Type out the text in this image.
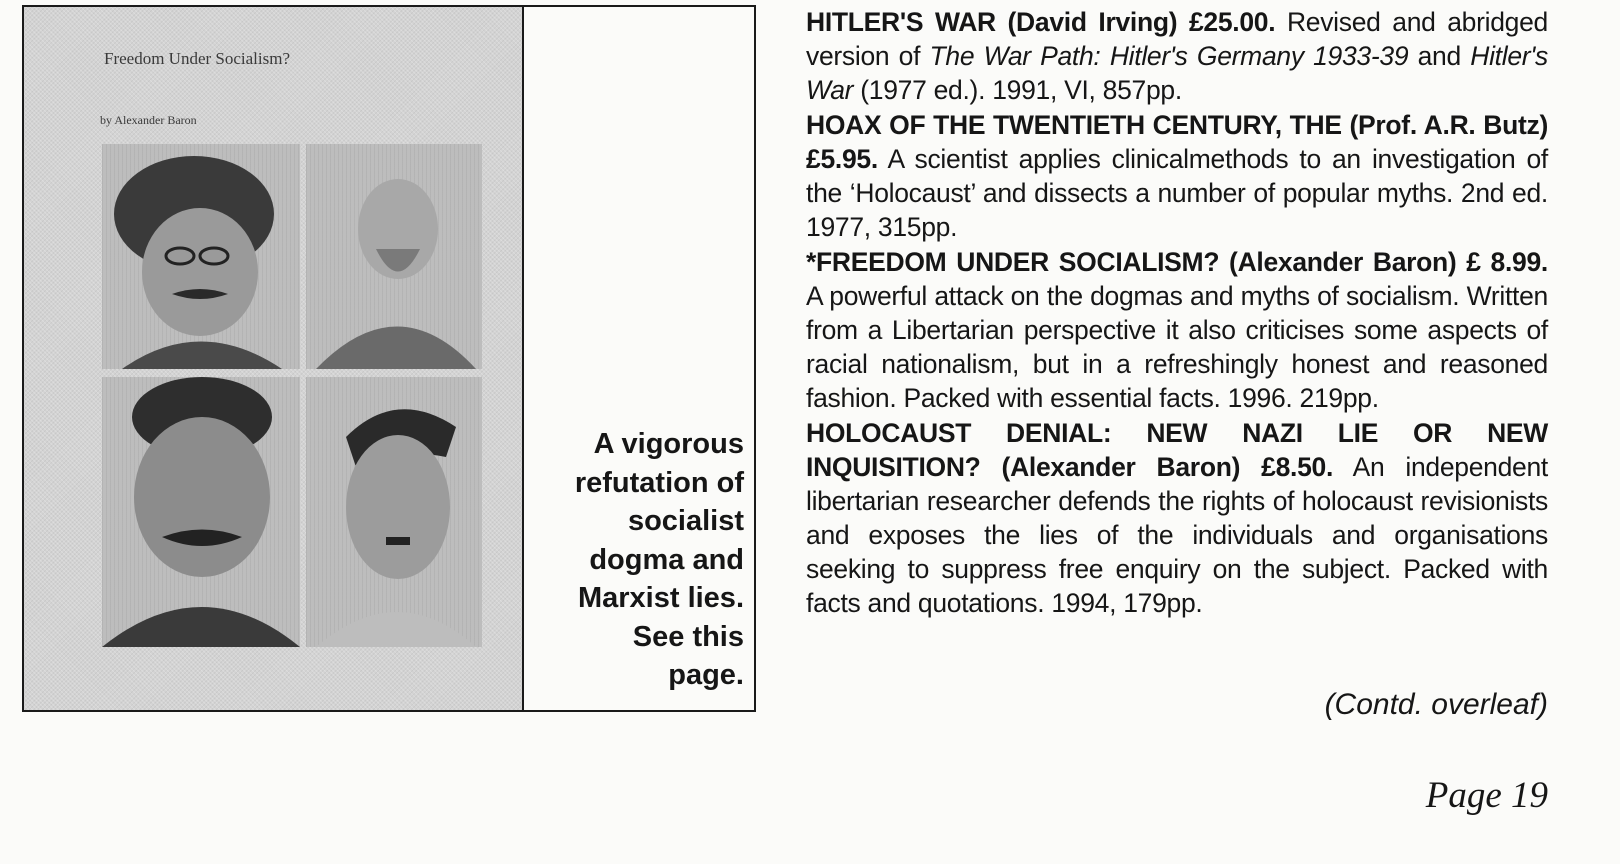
Freedom Under Socialism?
by Alexander Baron
A vigorous
refutation of
socialist
dogma and
Marxist lies.
See this
page.
HITLER'S WAR (David Irving) £25.00. Revised and abridged version of The War Path: Hitler's Germany 1933-39 and Hitler's War (1977 ed.). 1991, VI, 857pp.
HOAX OF THE TWENTIETH CENTURY, THE (Prof. A.R. Butz) £5.95. A scientist applies clinicalmethods to an investigation of the ‘Holocaust’ and dissects a number of popular myths. 2nd ed. 1977, 315pp.
*FREEDOM UNDER SOCIALISM? (Alexander Baron) £ 8.99. A powerful attack on the dogmas and myths of socialism. Written from a Libertarian perspective it also criticises some aspects of racial nationalism, but in a refreshingly honest and reasoned fashion. Packed with essential facts. 1996. 219pp.
HOLOCAUST DENIAL: NEW NAZI LIE OR NEW INQUISITION? (Alexander Baron) £8.50. An independent libertarian researcher defends the rights of holocaust revisionists and exposes the lies of the individuals and organisations seeking to suppress free enquiry on the subject. Packed with facts and quotations. 1994, 179pp.
(Contd. overleaf)
Page 19
